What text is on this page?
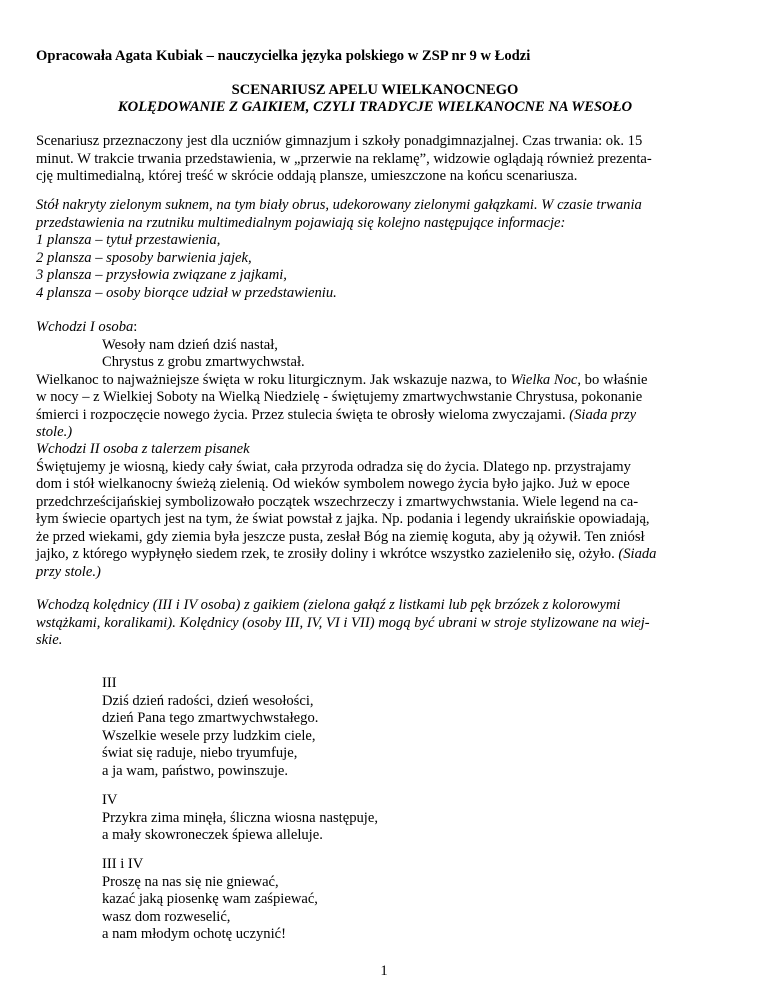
Opracowała Agata Kubiak – nauczycielka języka polskiego w ZSP nr 9 w Łodzi

SCENARIUSZ APELU WIELKANOCNEGO

KOLĘDOWANIE Z GAIKIEM, CZYLI TRADYCJE WIELKANOCNE NA WESOŁO

Scenariusz przeznaczony jest dla uczniów gimnazjum i szkoły ponadgimnazjalnej. Czas trwania: ok. 15
minut. W trakcie trwania przedstawienia, w „przerwie na reklamę”, widzowie oglądają również prezenta-
cję multimedialną, której treść w skrócie oddają plansze, umieszczone na końcu scenariusza.
Stół nakryty zielonym suknem, na tym biały obrus, udekorowany zielonymi gałązkami. W czasie trwania
przedstawienia na rzutniku multimedialnym pojawiają się kolejno następujące informacje:
1 plansza – tytuł przestawienia,
2 plansza – sposoby barwienia jajek,
3 plansza – przysłowia związane z jajkami,
4 plansza – osoby biorące udział w przedstawieniu.
Wchodzi I osoba:
Wesoły nam dzień dziś nastał,
Chrystus z grobu zmartwychwstał.
Wielkanoc to najważniejsze święta w roku liturgicznym. Jak wskazuje nazwa, to Wielka Noc, bo właśnie
w nocy – z Wielkiej Soboty na Wielką Niedzielę - świętujemy zmartwychwstanie Chrystusa, pokonanie
śmierci i rozpoczęcie nowego życia. Przez stulecia święta te obrosły wieloma zwyczajami. (Siada przy
stole.)
Wchodzi II osoba z talerzem pisanek
Świętujemy je wiosną, kiedy cały świat, cała przyroda odradza się do życia. Dlatego np. przystrajamy
dom i stół wielkanocny świeżą zielenią. Od wieków symbolem nowego życia było jajko. Już w epoce
przedchrześcijańskiej symbolizowało początek wszechrzeczy i zmartwychwstania. Wiele legend na ca-
łym świecie opartych jest na tym, że świat powstał z jajka. Np. podania i legendy ukraińskie opowiadają,
że przed wiekami, gdy ziemia była jeszcze pusta, zesłał Bóg na ziemię koguta, aby ją ożywił. Ten zniósł
jajko, z którego wypłynęło siedem rzek, te zrosiły doliny i wkrótce wszystko zazieleniło się, ożyło. (Siada
przy stole.)
Wchodzą kolędnicy (III i IV osoba) z gaikiem (zielona gałąź z listkami lub pęk brzózek z kolorowymi
wstążkami, koralikami). Kolędnicy (osoby III, IV, VI i VII) mogą być ubrani w stroje stylizowane na wiej-
skie.
III
Dziś dzień radości, dzień wesołości,
dzień Pana tego zmartwychwstałego.
Wszelkie wesele przy ludzkim ciele,
świat się raduje, niebo tryumfuje,
a ja wam, państwo, powinszuje.
IV
Przykra zima minęła, śliczna wiosna następuje,
a mały skowroneczek śpiewa alleluje.
III i IV
Proszę na nas się nie gniewać,
kazać jaką piosenkę wam zaśpiewać,
wasz dom rozweselić,
a nam młodym ochotę uczynić!
1
